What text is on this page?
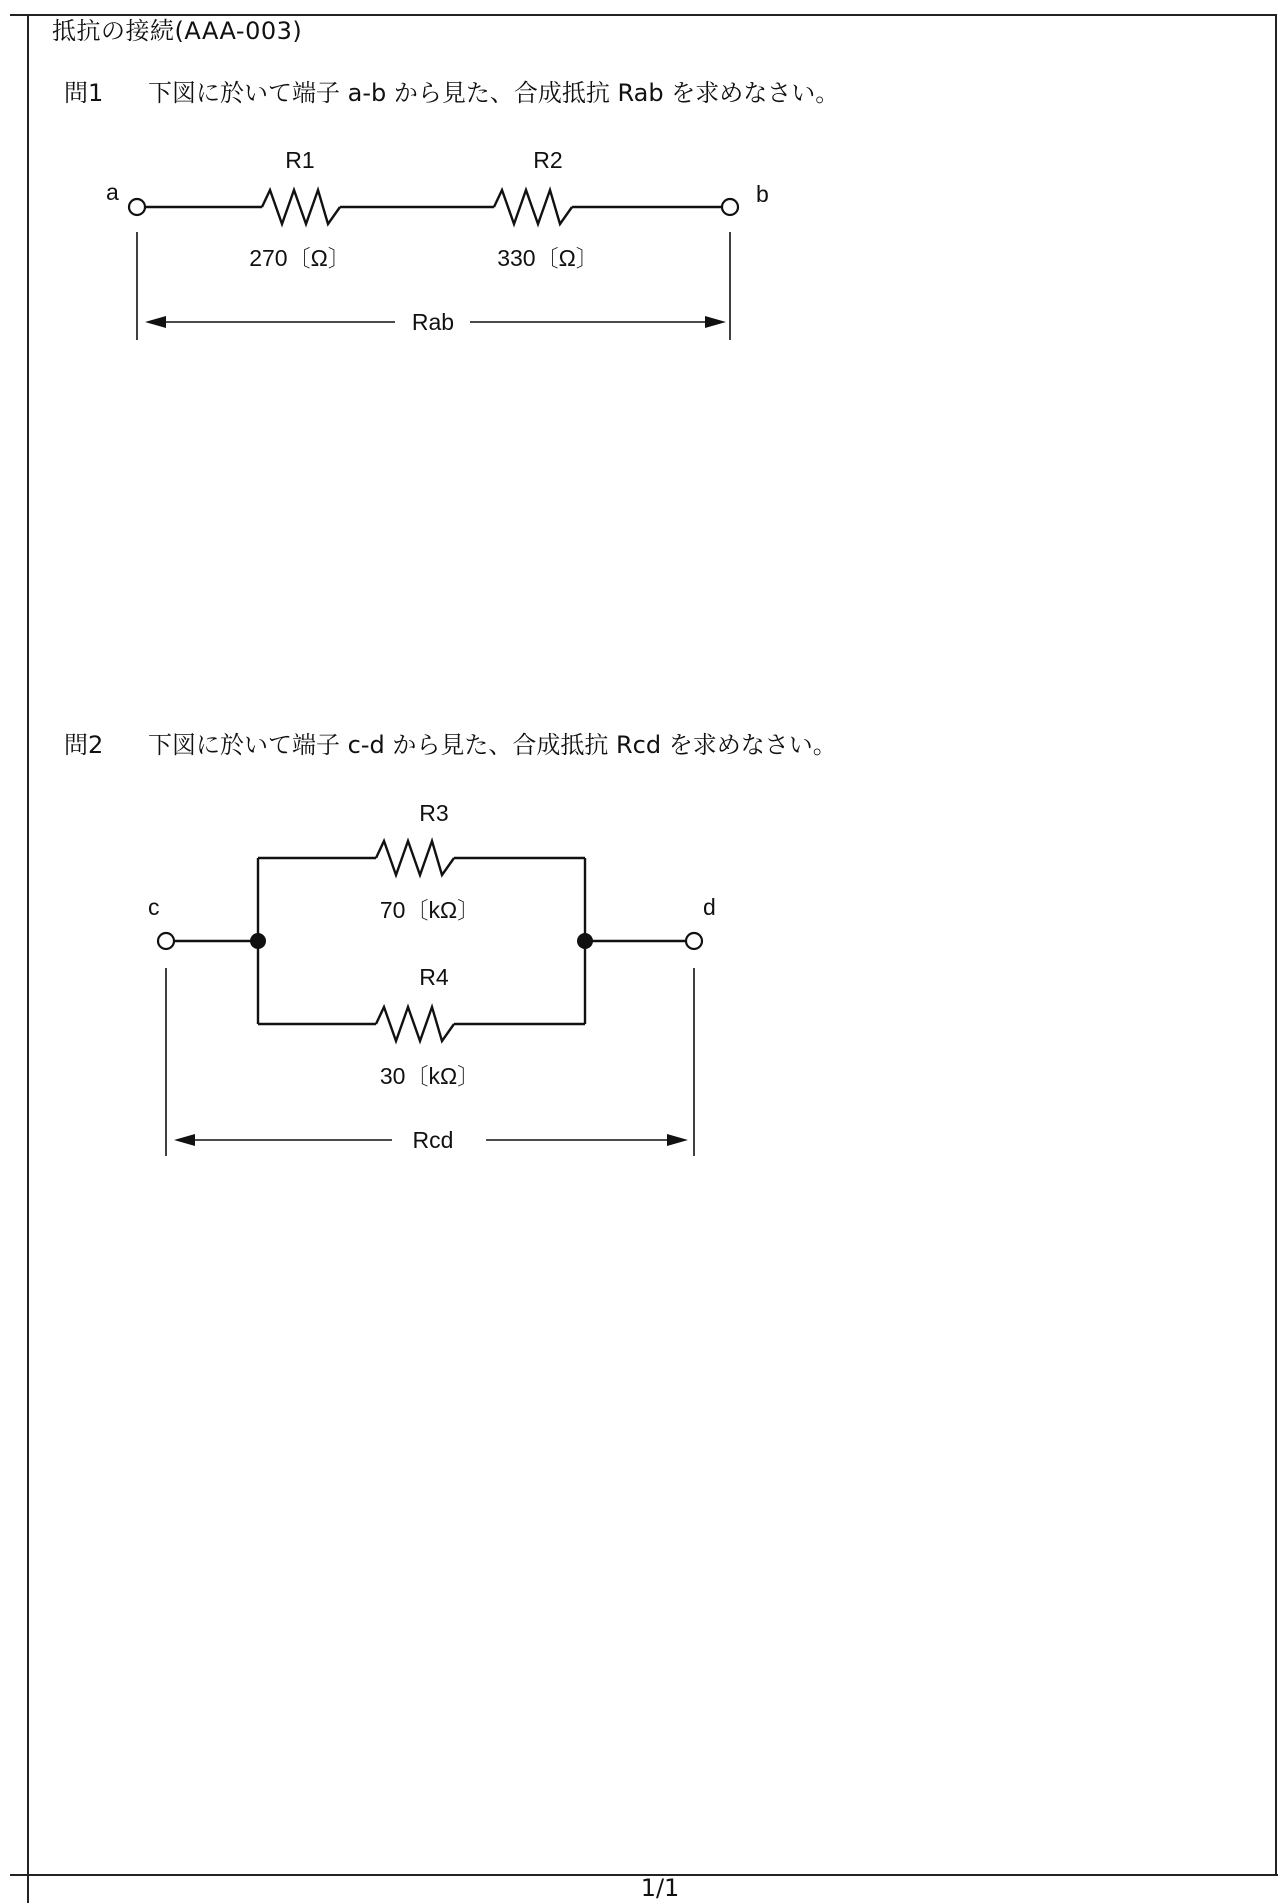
抵抗の接続(AAA-003)
問1 下図に於いて端子 a-b から見た、合成抵抗 Rab を求めなさい。
a	b
R1
270〔Ω〕
R2
330〔Ω〕
Rab
問2 下図に於いて端子 c-d から見た、合成抵抗 Rcd を求めなさい。
c	d
R3
70〔kΩ〕
R4
30〔kΩ〕
Rcd
1/1
